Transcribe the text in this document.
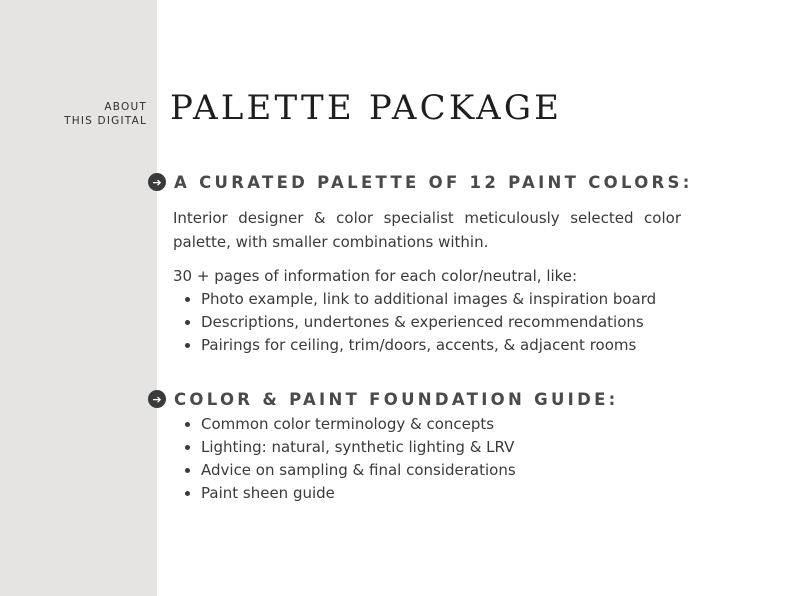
ABOUT
THIS DIGITAL PALETTE PACKAGE
➔ A CURATED PALETTE OF 12 PAINT COLORS:

Interior designer & color specialist meticulously selected color palette, with smaller combinations within.

30 + pages of information for each color/neutral, like:
Photo example, link to additional images & inspiration board
Descriptions, undertones & experienced recommendations
Pairings for ceiling, trim/doors, accents, & adjacent rooms
➔ COLOR & PAINT FOUNDATION GUIDE:
Common color terminology & concepts
Lighting: natural, synthetic lighting & LRV
Advice on sampling & final considerations
Paint sheen guide
